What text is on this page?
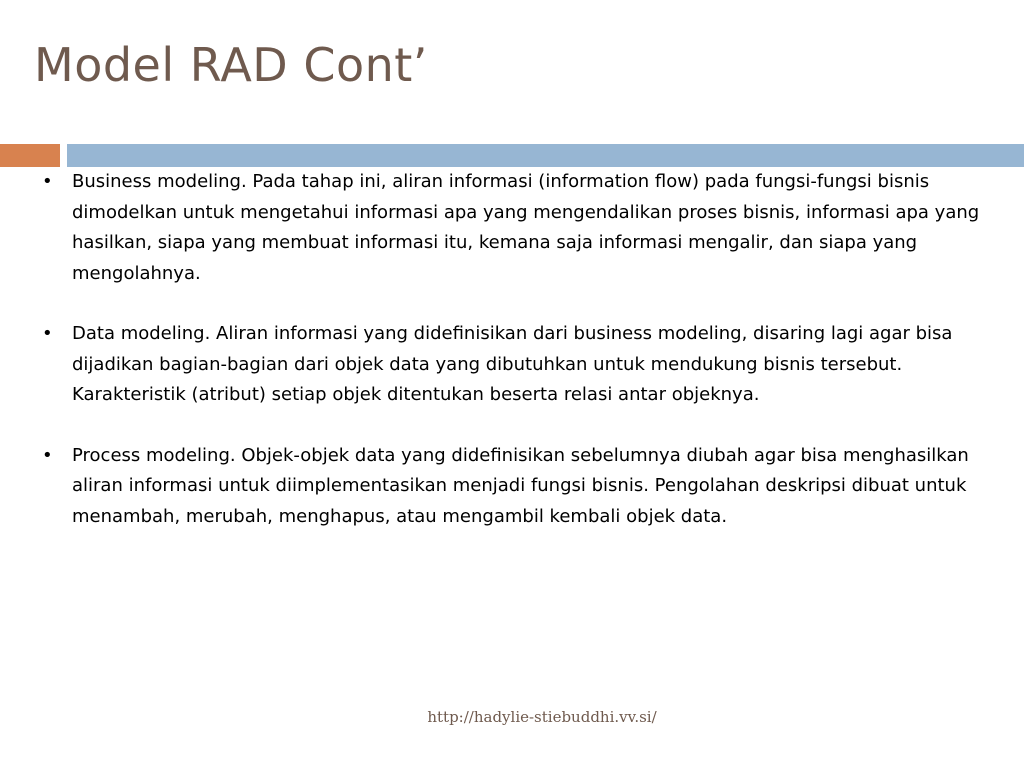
Model RAD Cont’
• Business modeling. Pada tahap ini, aliran informasi (information flow) pada fungsi-fungsi bisnis dimodelkan untuk mengetahui informasi apa yang mengendalikan proses bisnis, informasi apa yang hasilkan, siapa yang membuat informasi itu, kemana saja informasi mengalir, dan siapa yang mengolahnya.
• Data modeling. Aliran informasi yang didefinisikan dari business modeling, disaring lagi agar bisa dijadikan bagian-bagian dari objek data yang dibutuhkan untuk mendukung bisnis tersebut. Karakteristik (atribut) setiap objek ditentukan beserta relasi antar objeknya.
• Process modeling. Objek-objek data yang didefinisikan sebelumnya diubah agar bisa menghasilkan aliran informasi untuk diimplementasikan menjadi fungsi bisnis. Pengolahan deskripsi dibuat untuk menambah, merubah, menghapus, atau mengambil kembali objek data.
http://hadylie-stiebuddhi.vv.si/
